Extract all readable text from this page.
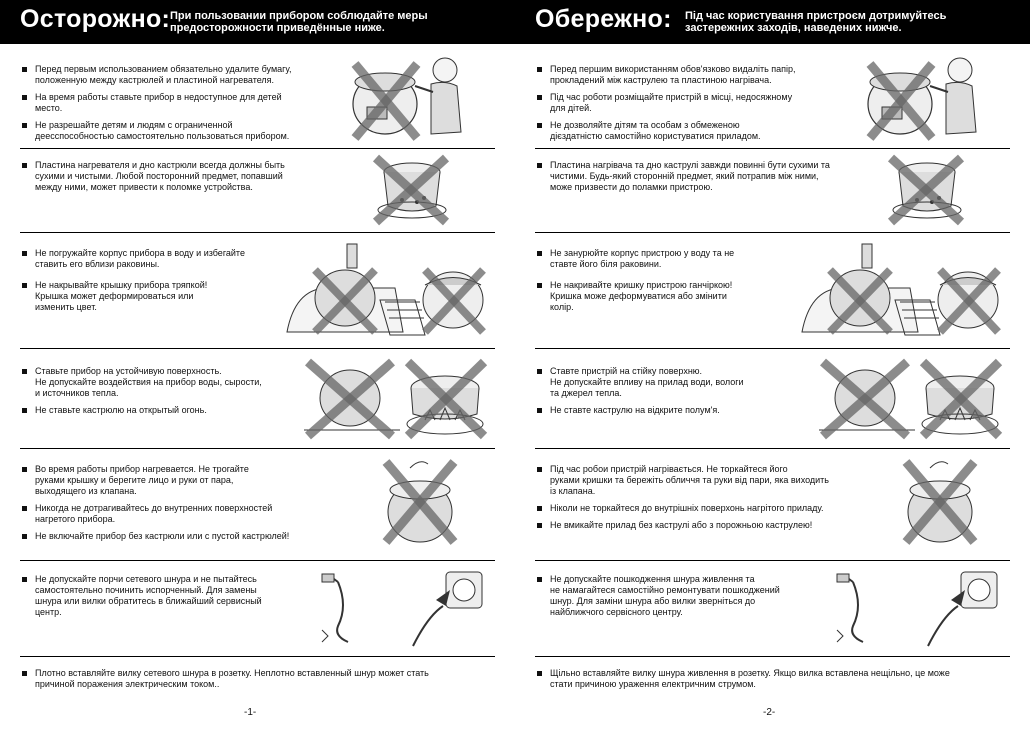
Осторожно: При пользовании прибором соблюдайте меры
предосторожности приведённые ниже.
Перед первым использованием обязательно удалите бумагу,
положенную между кастрюлей и пластиной нагревателя.
На время работы ставьте прибор в недоступное для детей
место.
Не разрешайте детям и людям с ограниченной
деесспособностью самостоятельно пользоваться прибором.
Пластина нагревателя и дно кастрюли всегда должны быть
сухими и чистыми. Любой посторонний предмет, попавший
между ними, может привести к поломке устройства.
Не погружайте корпус прибора в воду и избегайте
ставить его вблизи раковины.
Не накрывайте крышку прибора тряпкой!
Крышка может деформироваться или
изменить цвет.
Ставьте прибор на устойчивую поверхность.
Не допускайте воздействия на прибор воды, сырости,
и источников тепла.
Не ставьте кастрюлю на открытый огонь.
Во время работы прибор нагревается. Не трогайте
руками крышку и берегите лицо и руки от пара,
выходящего из клапана.
Никогда не дотрагивайтесь до внутренних поверхностей
нагретого прибора.
Не включайте прибор без кастрюли или с пустой кастрюлей!
Не допускайте порчи сетевого шнура и не пытайтесь
самостоятельно починить испорченный. Для замены
шнура или вилки обратитесь в ближайший сервисный
центр.
Плотно вставляйте вилку сетевого шнура в розетку. Неплотно вставленный шнур может стать
причиной поражения электрическим током..
-1-
Обережно: Під час користування пристроєм дотримуйтесь
застережних заходів, наведених нижче.
Перед першим використанням обов'язково видаліть папір,
прокладений між каструлею та пластиною нагрівача.
Під час роботи розміщайте пристрій в місці, недосяжному
для дітей.
Не дозволяйте дітям та особам з обмеженою
дієздатністю самостійно користуватися приладом.
Пластина нагрівача та дно каструлі завжди повинні бути сухими та
чистими. Будь-який сторонній предмет, який потрапив між ними,
може призвести до поламки пристрою.
Не занурюйте корпус пристрою у воду та не
ставте його біля раковини.
Не накривайте кришку пристрою ганчіркою!
Кришка може деформуватися або змінити
колір.
Ставте пристрій на стійку поверхню.
Не допускайте впливу на прилад води, вологи
та джерел тепла.
Не ставте каструлю на відкрите полум'я.
Під час робои пристрій нагрівається. Не торкайтеся його
руками кришки та бережіть обличчя та руки від пари, яка виходить
із клапана.
Ніколи не торкайтеся до внутрішніх поверхонь нагрітого приладу.
Не вмикайте прилад без каструлі або з порожньою каструлею!
Не допускайте пошкодження шнура живлення та
не намагайтеся самостійно ремонтувати пошкоджений
шнур. Для заміни шнура або вилки зверніться до
найближчого сервісного центру.
Щільно вставляйте вилку шнура живлення в розетку. Якщо вилка вставлена нещільно, це може
стати причиною ураження електричним струмом.
-2-
